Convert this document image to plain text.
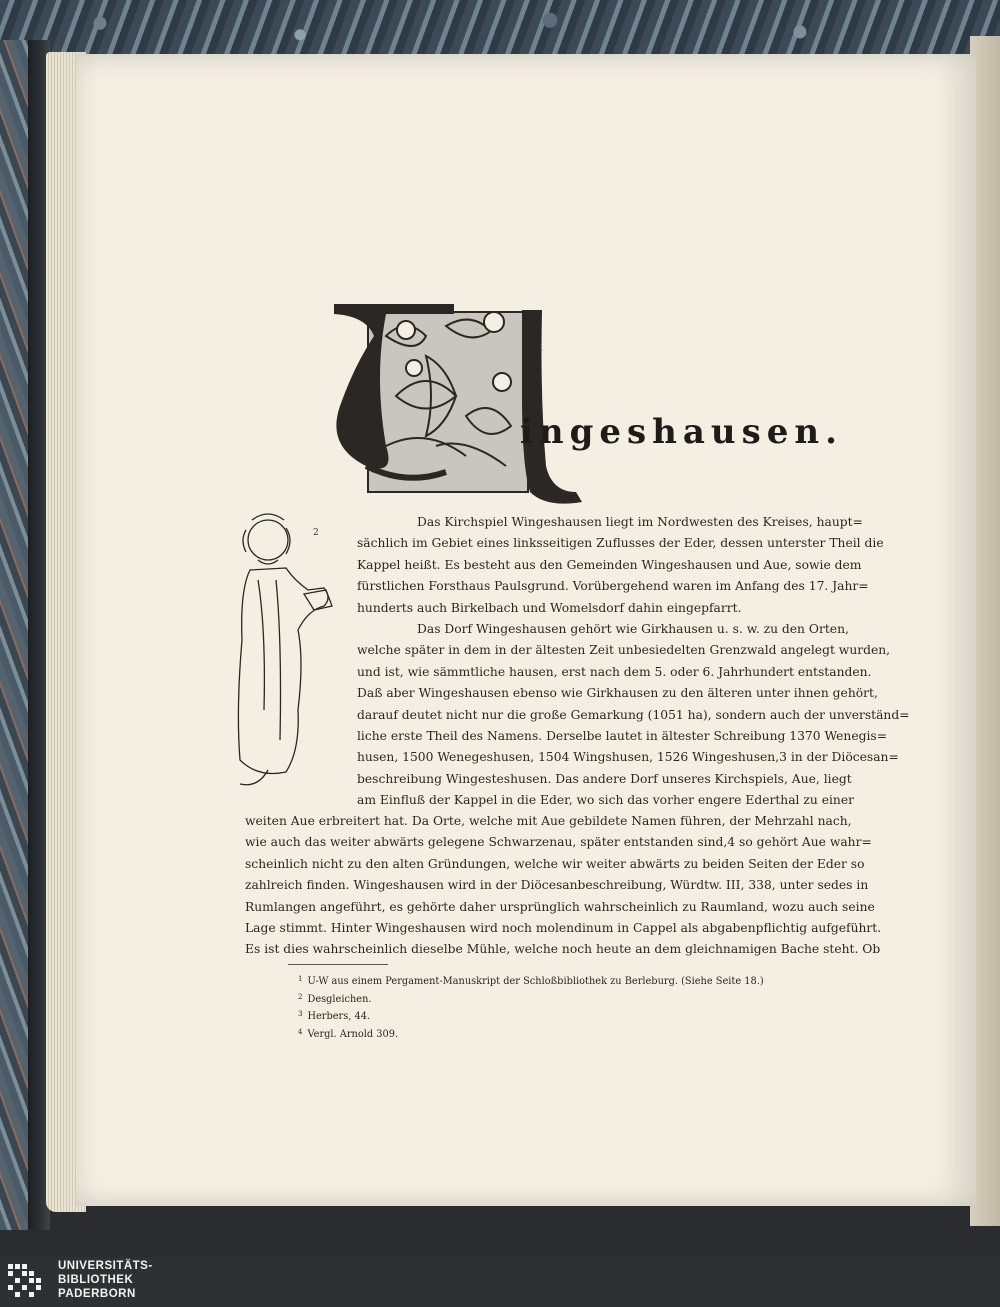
1
ingeshausen.
2
Das Kirchspiel Wingeshausen liegt im Nordwesten des Kreises, haupt=
sächlich im Gebiet eines linksseitigen Zuflusses der Eder, dessen unterster Theil die
Kappel heißt. Es besteht aus den Gemeinden Wingeshausen und Aue, sowie dem
fürstlichen Forsthaus Paulsgrund. Vorübergehend waren im Anfang des 17. Jahr=
hunderts auch Birkelbach und Womelsdorf dahin eingepfarrt.
Das Dorf Wingeshausen gehört wie Girkhausen u. s. w. zu den Orten,
welche später in dem in der ältesten Zeit unbesiedelten Grenzwald angelegt wurden,
und ist, wie sämmtliche hausen, erst nach dem 5. oder 6. Jahrhundert entstanden.
Daß aber Wingeshausen ebenso wie Girkhausen zu den älteren unter ihnen gehört,
darauf deutet nicht nur die große Gemarkung (1051 ha), sondern auch der unverständ=
liche erste Theil des Namens. Derselbe lautet in ältester Schreibung 1370 Wenegis=
husen, 1500 Wenegeshusen, 1504 Wingshusen, 1526 Wingeshusen,3 in der Diöcesan=
beschreibung Wingesteshusen. Das andere Dorf unseres Kirchspiels, Aue, liegt
am Einfluß der Kappel in die Eder, wo sich das vorher engere Ederthal zu einer
weiten Aue erbreitert hat. Da Orte, welche mit Aue gebildete Namen führen, der Mehrzahl nach,
wie auch das weiter abwärts gelegene Schwarzenau, später entstanden sind,4 so gehört Aue wahr=
scheinlich nicht zu den alten Gründungen, welche wir weiter abwärts zu beiden Seiten der Eder so
zahlreich finden. Wingeshausen wird in der Diöcesanbeschreibung, Würdtw. III, 338, unter sedes in
Rumlangen angeführt, es gehörte daher ursprünglich wahrscheinlich zu Raumland, wozu auch seine
Lage stimmt. Hinter Wingeshausen wird noch molendinum in Cappel als abgabenpflichtig aufgeführt.
Es ist dies wahrscheinlich dieselbe Mühle, welche noch heute an dem gleichnamigen Bache steht. Ob
$^1$ U-W aus einem Pergament-Manuskript der Schloßbibliothek zu Berleburg. (Siehe Seite 18.)
$^2$ Desgleichen.
$^3$ Herbers, 44.
$^4$ Vergl. Arnold 309.
UNIVERSITÄTS-
BIBLIOTHEK
PADERBORN
